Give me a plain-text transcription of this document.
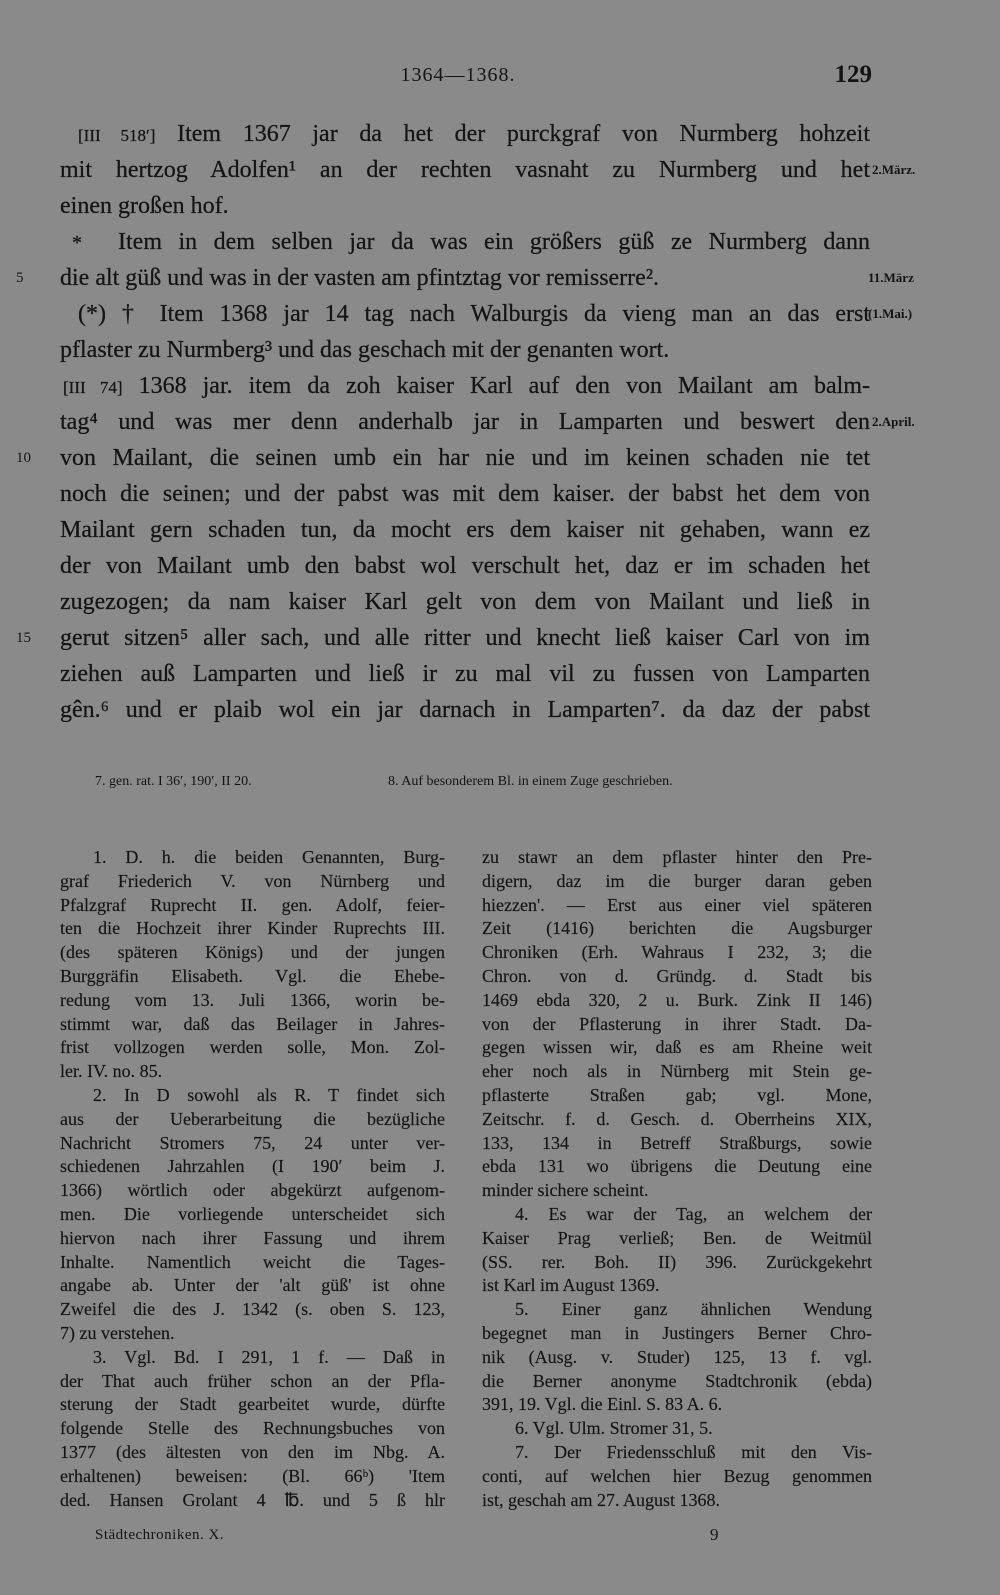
1364—1368.	129
[III 518′] Item 1367 jar da het der purckgraf von Nurmberg hohzeit
mit hertzog Adolfen¹ an der rechten vasnaht zu Nurmberg und het 2.März.
einen großen hof.
* Item in dem selben jar da was ein größers güß ze Nurmberg dann
5	die alt güß und was in der vasten am pfintztag vor remisserre².	11.März
(*) † Item 1368 jar 14 tag nach Walburgis da vieng man an das erst
(1.Mai.)
pflaster zu Nurmberg³ und das geschach mit der genanten wort.
[III 74] 1368 jar. item da zoh kaiser Karl auf den von Mailant am balm-
tag⁴ und was mer denn anderhalb jar in Lamparten und beswert den 2.April.
10	von Mailant, die seinen umb ein har nie und im keinen schaden nie tet
noch die seinen; und der pabst was mit dem kaiser. der babst het dem von
Mailant gern schaden tun, da mocht ers dem kaiser nit gehaben, wann ez
der von Mailant umb den babst wol verschult het, daz er im schaden het
zugezogen; da nam kaiser Karl gelt von dem von Mailant und ließ in
15	gerut sitzen⁵ aller sach, und alle ritter und knecht ließ kaiser Carl von im
ziehen auß Lamparten und ließ ir zu mal vil zu fussen von Lamparten
gên.⁶ und er plaib wol ein jar darnach in Lamparten⁷. da daz der pabst
7. gen. rat. I 36′, 190′, II 20.	8. Auf besonderem Bl. in einem Zuge geschrieben.
1. D. h. die beiden Genannten, Burg-
graf Friederich V. von Nürnberg und
Pfalzgraf Ruprecht II. gen. Adolf, feier-
ten die Hochzeit ihrer Kinder Ruprechts III.
(des späteren Königs) und der jungen
Burggräfin Elisabeth. Vgl. die Ehebe-
redung vom 13. Juli 1366, worin be-
stimmt war, daß das Beilager in Jahres-
frist vollzogen werden solle, Mon. Zol-
ler. IV. no. 85.
2. In D sowohl als R. T findet sich
aus der Ueberarbeitung die bezügliche
Nachricht Stromers 75, 24 unter ver-
schiedenen Jahrzahlen (I 190′ beim J.
1366) wörtlich oder abgekürzt aufgenom-
men. Die vorliegende unterscheidet sich
hiervon nach ihrer Fassung und ihrem
Inhalte. Namentlich weicht die Tages-
angabe ab. Unter der 'alt güß' ist ohne
Zweifel die des J. 1342 (s. oben S. 123,
7) zu verstehen.
3. Vgl. Bd. I 291, 1 f. — Daß in
der That auch früher schon an der Pfla-
sterung der Stadt gearbeitet wurde, dürfte
folgende Stelle des Rechnungsbuches von
1377 (des ältesten von den im Nbg. A.
erhaltenen) beweisen: (Bl. 66ᵇ) 'Item
ded. Hansen Grolant 4 ℔. und 5 ß hlr
zu stawr an dem pflaster hinter den Pre-
digern, daz im die burger daran geben
hiezzen'. — Erst aus einer viel späteren
Zeit (1416) berichten die Augsburger
Chroniken (Erh. Wahraus I 232, 3; die
Chron. von d. Gründg. d. Stadt bis
1469 ebda 320, 2 u. Burk. Zink II 146)
von der Pflasterung in ihrer Stadt. Da-
gegen wissen wir, daß es am Rheine weit
eher noch als in Nürnberg mit Stein ge-
pflasterte Straßen gab; vgl. Mone,
Zeitschr. f. d. Gesch. d. Oberrheins XIX,
133, 134 in Betreff Straßburgs, sowie
ebda 131 wo übrigens die Deutung eine
minder sichere scheint.
4. Es war der Tag, an welchem der
Kaiser Prag verließ; Ben. de Weitmül
(SS. rer. Boh. II) 396. Zurückgekehrt
ist Karl im August 1369.
5. Einer ganz ähnlichen Wendung
begegnet man in Justingers Berner Chro-
nik (Ausg. v. Studer) 125, 13 f. vgl.
die Berner anonyme Stadtchronik (ebda)
391, 19. Vgl. die Einl. S. 83 A. 6.
6. Vgl. Ulm. Stromer 31, 5.
7. Der Friedensschluß mit den Vis-
conti, auf welchen hier Bezug genommen
ist, geschah am 27. August 1368.
Städtechroniken. X.	9
